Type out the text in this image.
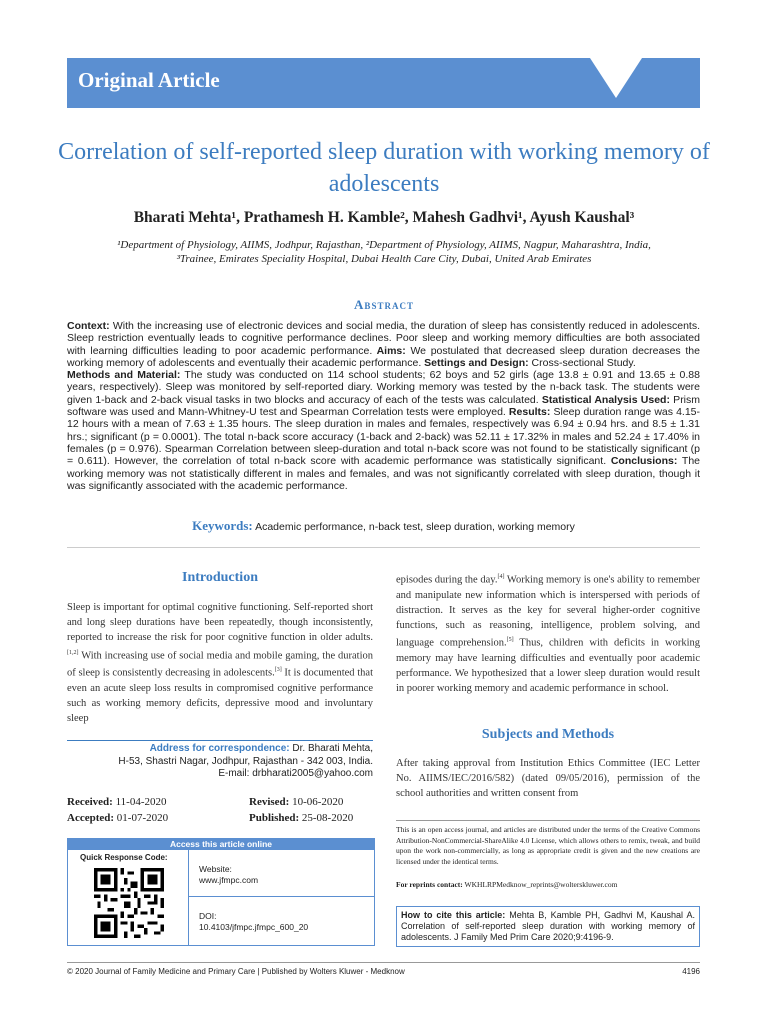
Original Article
Correlation of self-reported sleep duration with working memory of adolescents
Bharati Mehta¹, Prathamesh H. Kamble², Mahesh Gadhvi¹, Ayush Kaushal³
¹Department of Physiology, AIIMS, Jodhpur, Rajasthan, ²Department of Physiology, AIIMS, Nagpur, Maharashtra, India,
³Trainee, Emirates Speciality Hospital, Dubai Health Care City, Dubai, United Arab Emirates
Abstract
Context: With the increasing use of electronic devices and social media, the duration of sleep has consistently reduced in adolescents. Sleep restriction eventually leads to cognitive performance declines. Poor sleep and working memory difficulties are both associated with learning difficulties leading to poor academic performance. Aims: We postulated that decreased sleep duration decreases the working memory of adolescents and eventually their academic performance. Settings and Design: Cross-sectional Study.
Methods and Material: The study was conducted on 114 school students; 62 boys and 52 girls (age 13.8 ± 0.91 and 13.65 ± 0.88 years, respectively). Sleep was monitored by self-reported diary. Working memory was tested by the n-back task. The students were given 1-back and 2-back visual tasks in two blocks and accuracy of each of the tests was calculated. Statistical Analysis Used: Prism software was used and Mann-Whitney-U test and Spearman Correlation tests were employed. Results: Sleep duration range was 4.15-12 hours with a mean of 7.63 ± 1.35 hours. The sleep duration in males and females, respectively was 6.94 ± 0.94 hrs. and 8.5 ± 1.31 hrs.; significant (p = 0.0001). The total n-back score accuracy (1-back and 2-back) was 52.11 ± 17.32% in males and 52.24 ± 17.40% in females (p = 0.976). Spearman Correlation between sleep-duration and total n-back score was not found to be statistically significant (p = 0.611). However, the correlation of total n-back score with academic performance was statistically significant. Conclusions: The working memory was not statistically different in males and females, and was not significantly correlated with sleep duration, though it was significantly associated with the academic performance.
Keywords: Academic performance, n-back test, sleep duration, working memory
Introduction
Sleep is important for optimal cognitive functioning. Self-reported short and long sleep durations have been repeatedly, though inconsistently, reported to increase the risk for poor cognitive function in older adults.[1,2] With increasing use of social media and mobile gaming, the duration of sleep is consistently decreasing in adolescents.[3] It is documented that even an acute sleep loss results in compromised cognitive performance such as working memory deficits, depressive mood and involuntary sleep
episodes during the day.[4] Working memory is one's ability to remember and manipulate new information which is interspersed with periods of distraction. It serves as the key for several higher-order cognitive functions, such as reasoning, intelligence, problem solving, and language comprehension.[5] Thus, children with deficits in working memory may have learning difficulties and eventually poor academic performance. We hypothesized that a lower sleep duration would result in poorer working memory and academic performance in school.
Subjects and Methods
After taking approval from Institution Ethics Committee (IEC Letter No. AIIMS/IEC/2016/582) (dated 09/05/2016), permission of the school authorities and written consent from
Address for correspondence: Dr. Bharati Mehta,
H-53, Shastri Nagar, Jodhpur, Rajasthan - 342 003, India.
E-mail: drbharati2005@yahoo.com
Received: 11-04-2020	Revised: 10-06-2020
Accepted: 01-07-2020	Published: 25-08-2020
Access this article online
Quick Response Code:
Website:
www.jfmpc.com
DOI:
10.4103/jfmpc.jfmpc_600_20
This is an open access journal, and articles are distributed under the terms of the Creative Commons Attribution-NonCommercial-ShareAlike 4.0 License, which allows others to remix, tweak, and build upon the work non-commercially, as long as appropriate credit is given and the new creations are licensed under the identical terms.
For reprints contact: WKHLRPMedknow_reprints@wolterskluwer.com
How to cite this article: Mehta B, Kamble PH, Gadhvi M, Kaushal A. Correlation of self-reported sleep duration with working memory of adolescents. J Family Med Prim Care 2020;9:4196-9.
© 2020 Journal of Family Medicine and Primary Care | Published by Wolters Kluwer - Medknow	4196
